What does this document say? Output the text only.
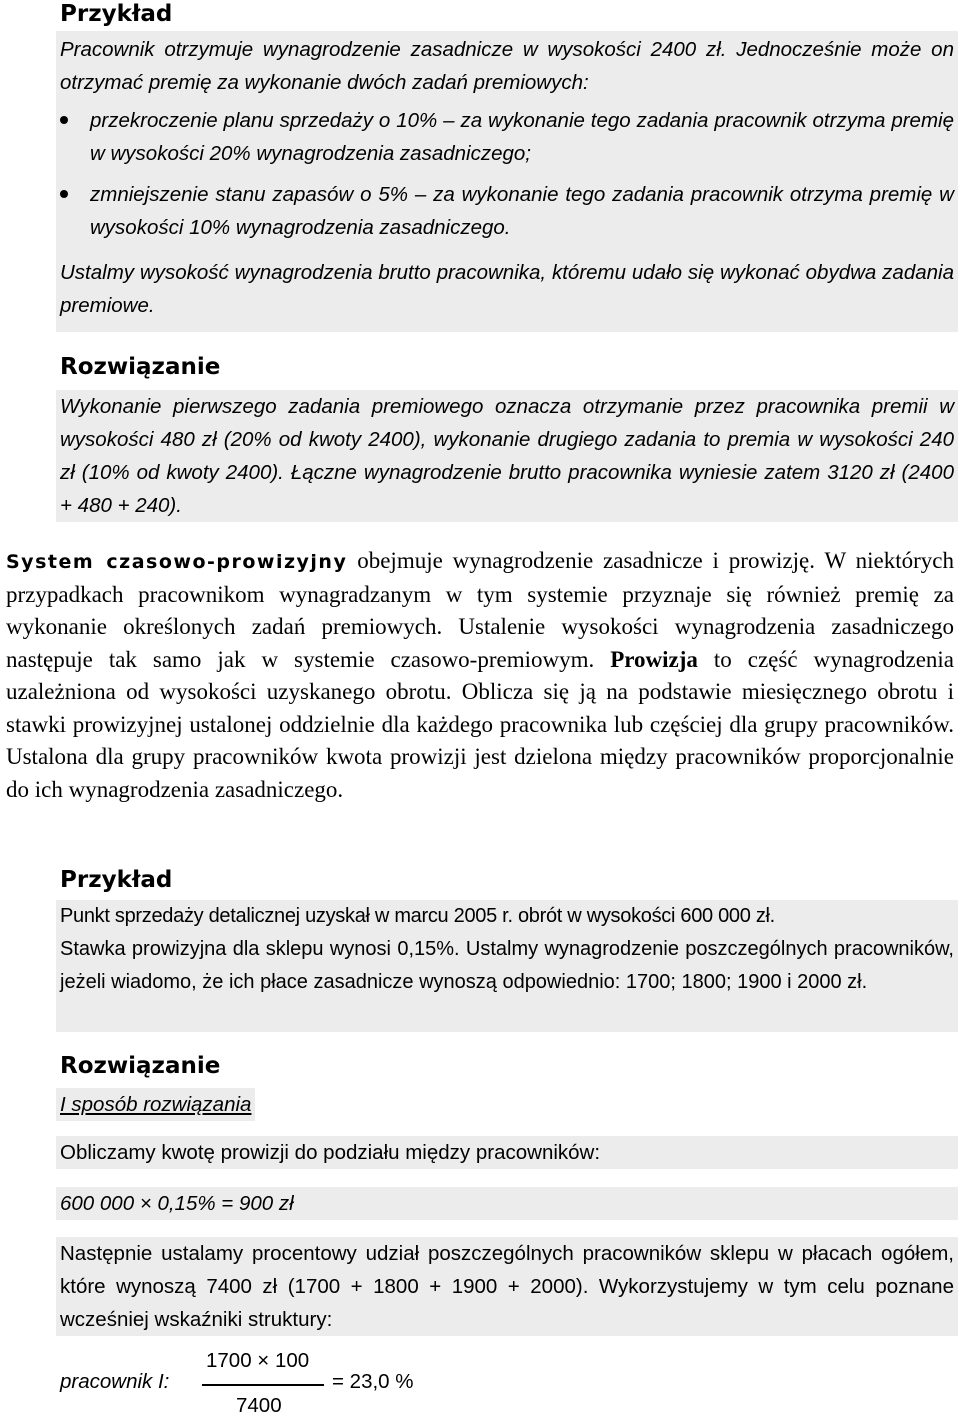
Przykład

Pracownik otrzymuje wynagrodzenie zasadnicze w wysokości 2400 zł. Jednocześnie może on otrzymać premię za wykonanie dwóch zadań premiowych:

przekroczenie planu sprzedaży o 10% – za wykonanie tego zadania pracownik otrzyma premię w wysokości 20% wynagrodzenia zasadniczego;
zmniejszenie stanu zapasów o 5% – za wykonanie tego zadania pracownik otrzyma premię w wysokości 10% wynagrodzenia zasadniczego.

Ustalmy wysokość wynagrodzenia brutto pracownika, któremu udało się wykonać obydwa zadania premiowe.

Rozwiązanie

Wykonanie pierwszego zadania premiowego oznacza otrzymanie przez pracownika premii w wysokości 480 zł (20% od kwoty 2400), wykonanie drugiego zadania to premia w wysokości 240 zł (10% od kwoty 2400). Łączne wynagrodzenie brutto pracownika wyniesie zatem 3120 zł (2400 + 480 + 240).

System czasowo-prowizyjny obejmuje wynagrodzenie zasadnicze i prowizję. W niektórych przypadkach pracownikom wynagradzanym w tym systemie przyznaje się również premię za wykonanie określonych zadań premiowych. Ustalenie wysokości wynagrodzenia zasadniczego następuje tak samo jak w systemie czasowo-premiowym. Prowizja to część wynagrodzenia uzależniona od wysokości uzyskanego obrotu. Oblicza się ją na podstawie miesięcznego obrotu i stawki prowizyjnej ustalonej oddzielnie dla każdego pracownika lub częściej dla grupy pracowników. Ustalona dla grupy pracowników kwota prowizji jest dzielona między pracowników proporcjonalnie do ich wynagrodzenia zasadniczego.

Przykład

Punkt sprzedaży detalicznej uzyskał w marcu 2005 r. obrót w wysokości 600 000 zł.

Stawka prowizyjna dla sklepu wynosi 0,15%. Ustalmy wynagrodzenie poszczególnych pracowników, jeżeli wiadomo, że ich płace zasadnicze wynoszą odpowiednio: 1700; 1800; 1900 i 2000 zł.

Rozwiązanie
I sposób rozwiązania
Obliczamy kwotę prowizji do podziału między pracowników:
600 000 × 0,15% = 900 zł

Następnie ustalamy procentowy udział poszczególnych pracowników sklepu w płacach ogółem, które wynoszą 7400 zł (1700 + 1800 + 1900 + 2000). Wykorzystujemy w tym celu poznane wcześniej wskaźniki struktury:

pracownik I:
1700 × 100
7400
= 23,0 %
